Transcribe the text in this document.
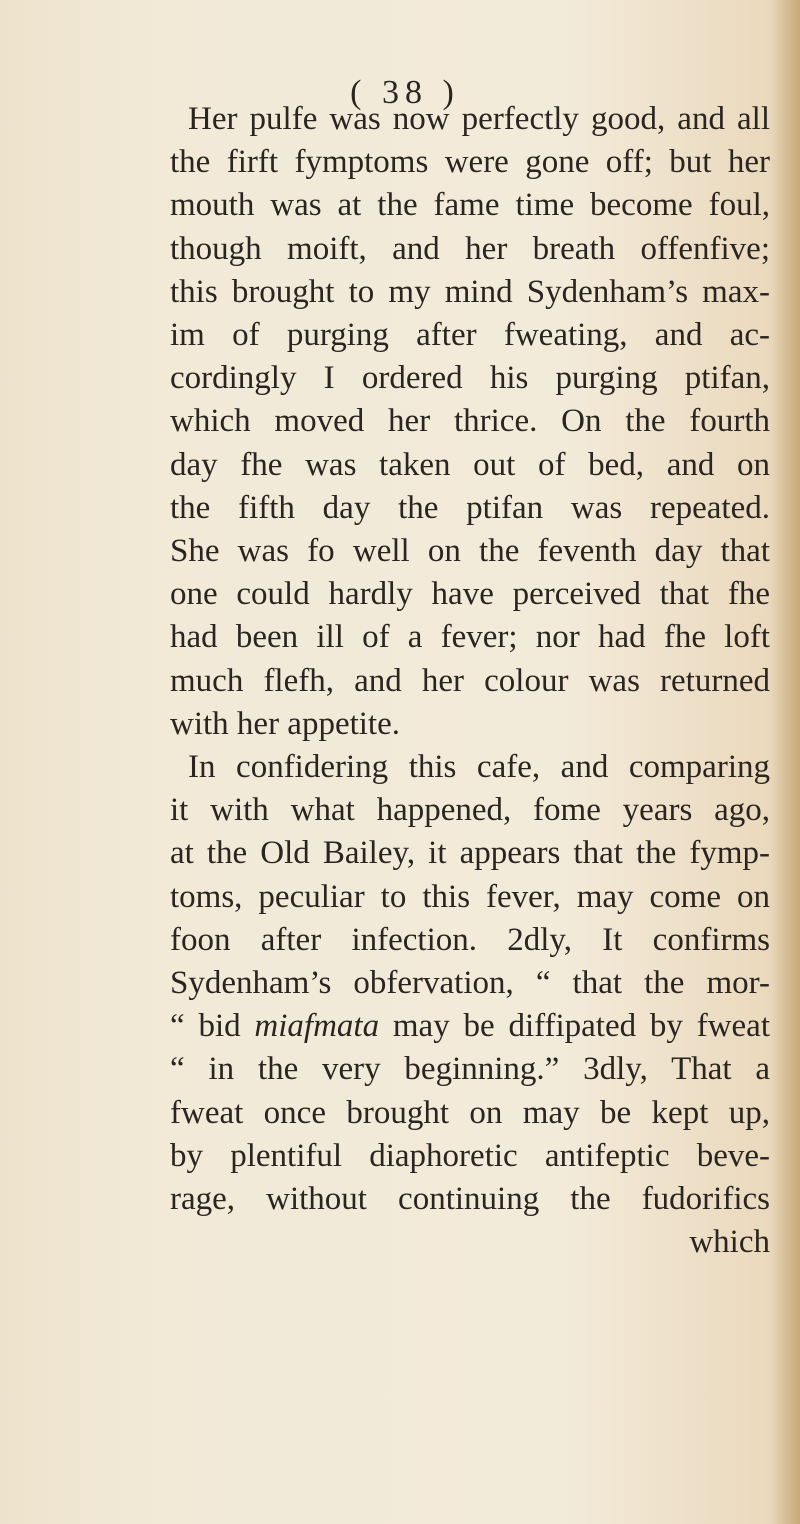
( 38 )
Her pulfe was now perfectly good, and all
the firft fymptoms were gone off; but her
mouth was at the fame time become foul,
though moift, and her breath offenfive;
this brought to my mind Sydenham’s max-
im of purging after fweating, and ac-
cordingly I ordered his purging ptifan,
which moved her thrice. On the fourth
day fhe was taken out of bed, and on
the fifth day the ptifan was repeated.
She was fo well on the feventh day that
one could hardly have perceived that fhe
had been ill of a fever; nor had fhe loft
much flefh, and her colour was returned
with her appetite.
In confidering this cafe, and comparing
it with what happened, fome years ago,
at the Old Bailey, it appears that the fymp-
toms, peculiar to this fever, may come on
foon after infection. 2dly, It confirms
Sydenham’s obfervation, “ that the mor-
“ bid miafmata may be diffipated by fweat
“ in the very beginning.” 3dly, That a
fweat once brought on may be kept up,
by plentiful diaphoretic antifeptic beve-
rage, without continuing the fudorifics
which
